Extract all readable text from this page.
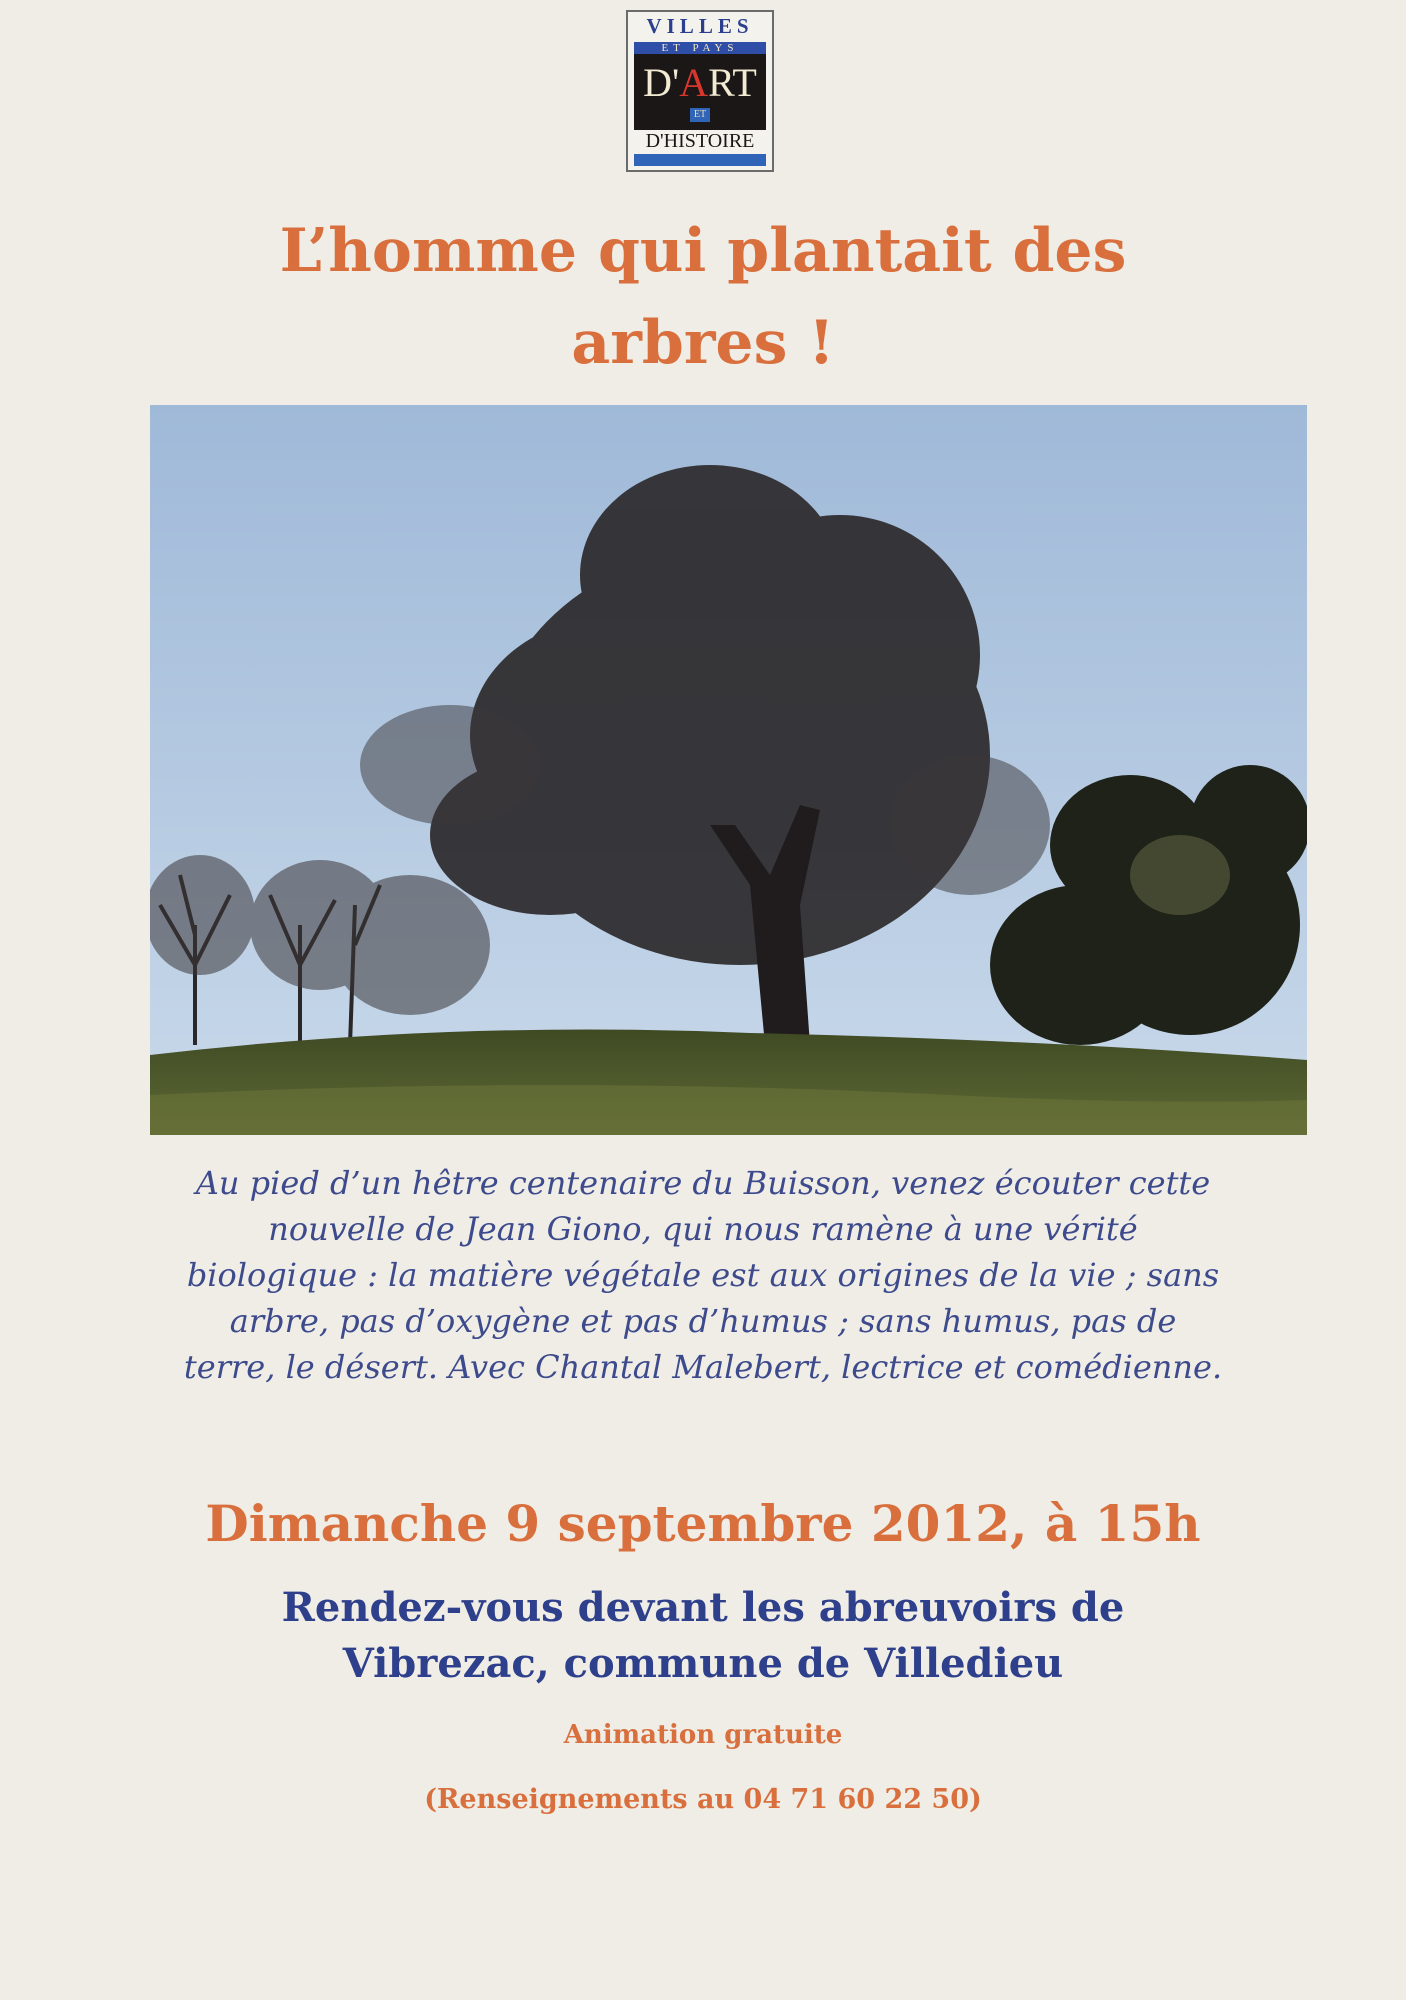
VILLES
ET PAYS
D'ART
ET
D'HISTOIRE
L’homme qui plantait des
arbres !
Au pied d’un hêtre centenaire du Buisson, venez écouter cette
nouvelle de Jean Giono, qui nous ramène à une vérité
biologique : la matière végétale est aux origines de la vie ; sans
arbre, pas d’oxygène et pas d’humus ; sans humus, pas de
terre, le désert. Avec Chantal Malebert, lectrice et comédienne.
Dimanche 9 septembre 2012, à 15h
Rendez-vous devant les abreuvoirs de
Vibrezac, commune de Villedieu
Animation gratuite
(Renseignements au 04 71 60 22 50)
